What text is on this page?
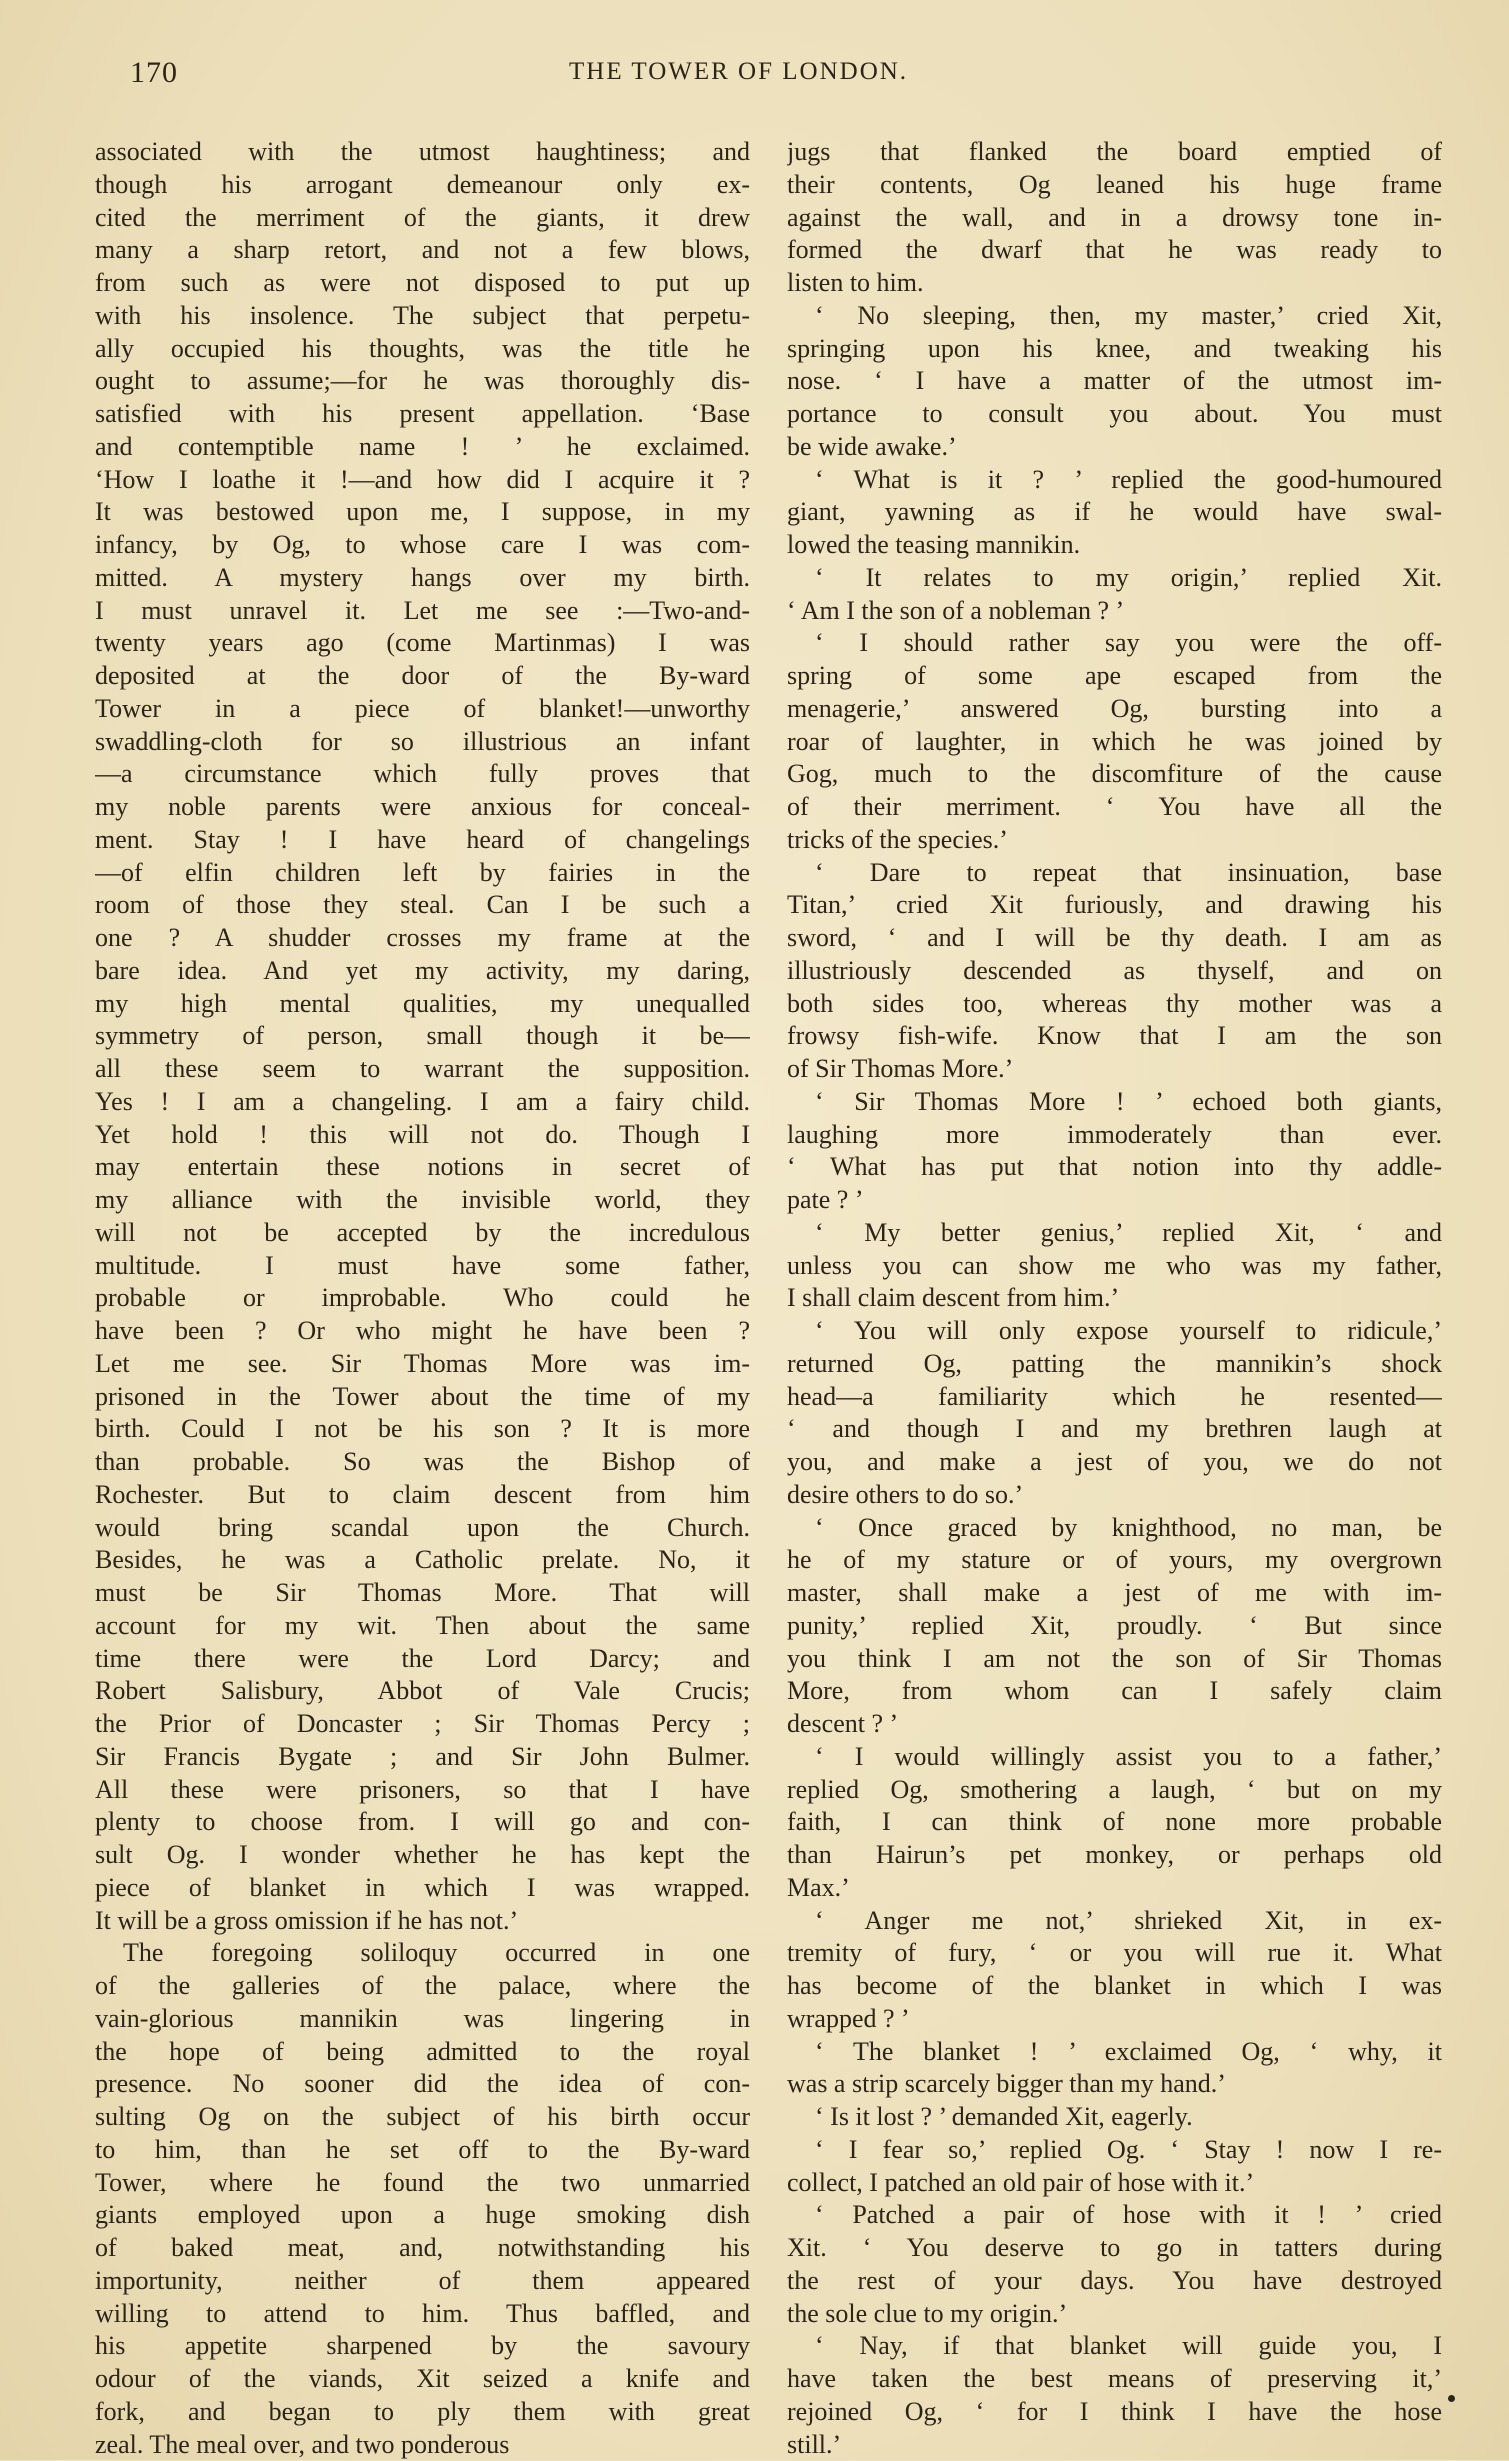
170	THE TOWER OF LONDON.
associated with the utmost haughtiness; and
though his arrogant demeanour only ex-
cited the merriment of the giants, it drew
many a sharp retort, and not a few blows,
from such as were not disposed to put up
with his insolence. The subject that perpetu-
ally occupied his thoughts, was the title he
ought to assume;—for he was thoroughly dis-
satisfied with his present appellation. ‘Base
and contemptible name ! ’ he exclaimed.
‘How I loathe it !—and how did I acquire it ?
It was bestowed upon me, I suppose, in my
infancy, by Og, to whose care I was com-
mitted. A mystery hangs over my birth.
I must unravel it. Let me see :—Two-and-
twenty years ago (come Martinmas) I was
deposited at the door of the By-ward
Tower in a piece of blanket!—unworthy
swaddling-cloth for so illustrious an infant
—a circumstance which fully proves that
my noble parents were anxious for conceal-
ment. Stay ! I have heard of changelings
—of elfin children left by fairies in the
room of those they steal. Can I be such a
one ? A shudder crosses my frame at the
bare idea. And yet my activity, my daring,
my high mental qualities, my unequalled
symmetry of person, small though it be—
all these seem to warrant the supposition.
Yes ! I am a changeling. I am a fairy child.
Yet hold ! this will not do. Though I
may entertain these notions in secret of
my alliance with the invisible world, they
will not be accepted by the incredulous
multitude. I must have some father,
probable or improbable. Who could he
have been ? Or who might he have been ?
Let me see. Sir Thomas More was im-
prisoned in the Tower about the time of my
birth. Could I not be his son ? It is more
than probable. So was the Bishop of
Rochester. But to claim descent from him
would bring scandal upon the Church.
Besides, he was a Catholic prelate. No, it
must be Sir Thomas More. That will
account for my wit. Then about the same
time there were the Lord Darcy; and
Robert Salisbury, Abbot of Vale Crucis;
the Prior of Doncaster ; Sir Thomas Percy ;
Sir Francis Bygate ; and Sir John Bulmer.
All these were prisoners, so that I have
plenty to choose from. I will go and con-
sult Og. I wonder whether he has kept the
piece of blanket in which I was wrapped.
It will be a gross omission if he has not.’
The foregoing soliloquy occurred in one
of the galleries of the palace, where the
vain-glorious mannikin was lingering in
the hope of being admitted to the royal
presence. No sooner did the idea of con-
sulting Og on the subject of his birth occur
to him, than he set off to the By-ward
Tower, where he found the two unmarried
giants employed upon a huge smoking dish
of baked meat, and, notwithstanding his
importunity, neither of them appeared
willing to attend to him. Thus baffled, and
his appetite sharpened by the savoury
odour of the viands, Xit seized a knife and
fork, and began to ply them with great
zeal. The meal over, and two ponderous
jugs that flanked the board emptied of
their contents, Og leaned his huge frame
against the wall, and in a drowsy tone in-
formed the dwarf that he was ready to
listen to him.
‘ No sleeping, then, my master,’ cried Xit,
springing upon his knee, and tweaking his
nose. ‘ I have a matter of the utmost im-
portance to consult you about. You must
be wide awake.’
‘ What is it ? ’ replied the good-humoured
giant, yawning as if he would have swal-
lowed the teasing mannikin.
‘ It relates to my origin,’ replied Xit.
‘ Am I the son of a nobleman ? ’
‘ I should rather say you were the off-
spring of some ape escaped from the
menagerie,’ answered Og, bursting into a
roar of laughter, in which he was joined by
Gog, much to the discomfiture of the cause
of their merriment. ‘ You have all the
tricks of the species.’
‘ Dare to repeat that insinuation, base
Titan,’ cried Xit furiously, and drawing his
sword, ‘ and I will be thy death. I am as
illustriously descended as thyself, and on
both sides too, whereas thy mother was a
frowsy fish-wife. Know that I am the son
of Sir Thomas More.’
‘ Sir Thomas More ! ’ echoed both giants,
laughing more immoderately than ever.
‘ What has put that notion into thy addle-
pate ? ’
‘ My better genius,’ replied Xit, ‘ and
unless you can show me who was my father,
I shall claim descent from him.’
‘ You will only expose yourself to ridicule,’
returned Og, patting the mannikin’s shock
head—a familiarity which he resented—
‘ and though I and my brethren laugh at
you, and make a jest of you, we do not
desire others to do so.’
‘ Once graced by knighthood, no man, be
he of my stature or of yours, my overgrown
master, shall make a jest of me with im-
punity,’ replied Xit, proudly. ‘ But since
you think I am not the son of Sir Thomas
More, from whom can I safely claim
descent ? ’
‘ I would willingly assist you to a father,’
replied Og, smothering a laugh, ‘ but on my
faith, I can think of none more probable
than Hairun’s pet monkey, or perhaps old
Max.’
‘ Anger me not,’ shrieked Xit, in ex-
tremity of fury, ‘ or you will rue it. What
has become of the blanket in which I was
wrapped ? ’
‘ The blanket ! ’ exclaimed Og, ‘ why, it
was a strip scarcely bigger than my hand.’
‘ Is it lost ? ’ demanded Xit, eagerly.
‘ I fear so,’ replied Og. ‘ Stay ! now I re-
collect, I patched an old pair of hose with it.’
‘ Patched a pair of hose with it ! ’ cried
Xit. ‘ You deserve to go in tatters during
the rest of your days. You have destroyed
the sole clue to my origin.’
‘ Nay, if that blanket will guide you, I
have taken the best means of preserving it,’
rejoined Og, ‘ for I think I have the hose
still.’
